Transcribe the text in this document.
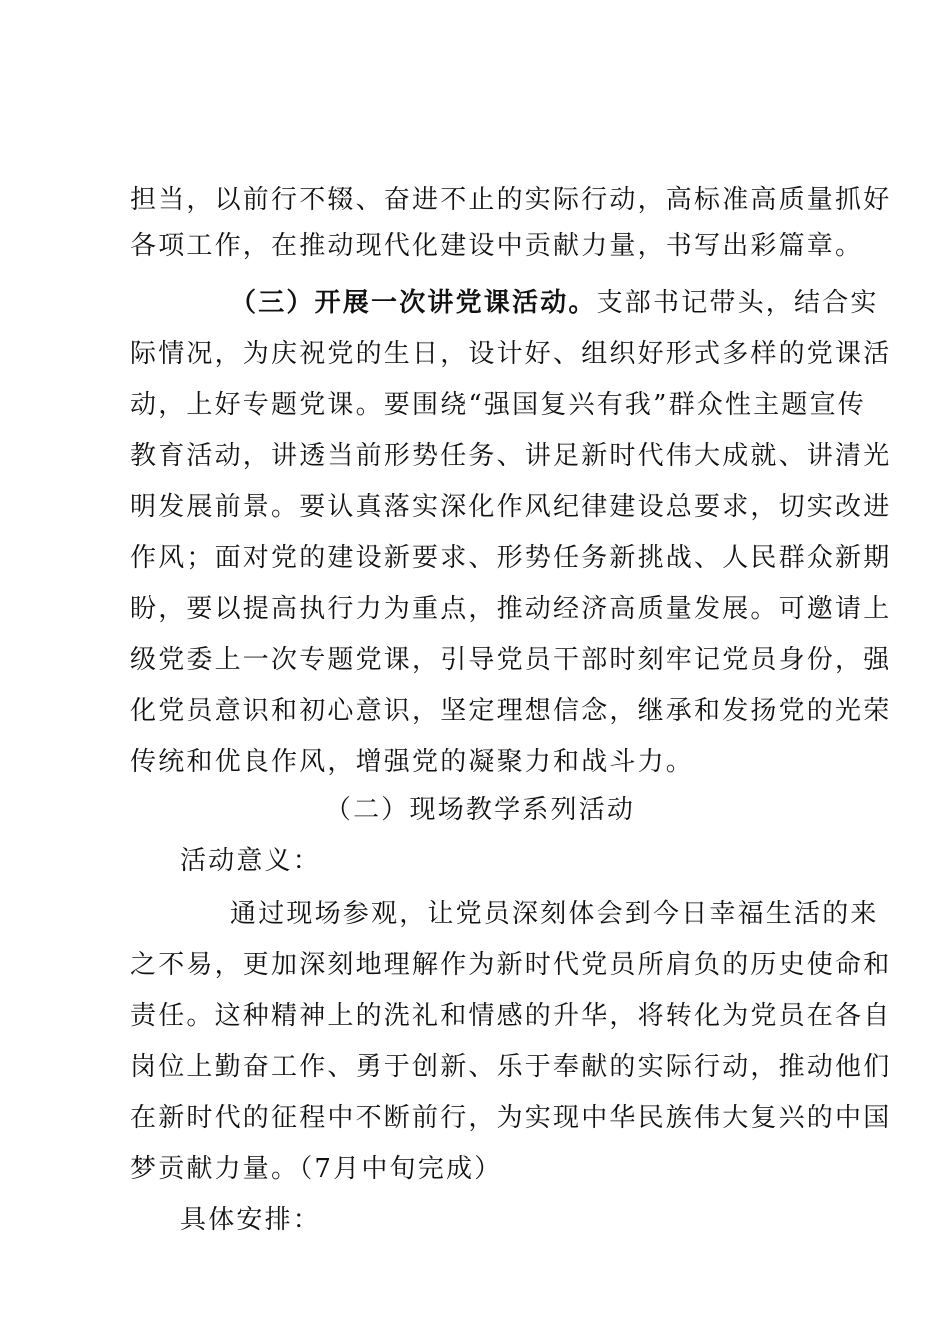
担当，以前行不辍、奋进不止的实际行动，高标准高质量抓好
各项工作，在推动现代化建设中贡献力量，书写出彩篇章。
（三）开展一次讲党课活动。支部书记带头，结合实
际情况，为庆祝党的生日，设计好、组织好形式多样的党课活
动，上好专题党课。要围绕“强国复兴有我”群众性主题宣传
教育活动，讲透当前形势任务、讲足新时代伟大成就、讲清光
明发展前景。要认真落实深化作风纪律建设总要求，切实改进
作风；面对党的建设新要求、形势任务新挑战、人民群众新期
盼，要以提高执行力为重点，推动经济高质量发展。可邀请上
级党委上一次专题党课，引导党员干部时刻牢记党员身份，强
化党员意识和初心意识，坚定理想信念，继承和发扬党的光荣
传统和优良作风，增强党的凝聚力和战斗力。
（二）现场教学系列活动
活动意义：
通过现场参观，让党员深刻体会到今日幸福生活的来
之不易，更加深刻地理解作为新时代党员所肩负的历史使命和
责任。这种精神上的洗礼和情感的升华，将转化为党员在各自
岗位上勤奋工作、勇于创新、乐于奉献的实际行动，推动他们
在新时代的征程中不断前行，为实现中华民族伟大复兴的中国
梦贡献力量。（7月中旬完成）
具体安排：
